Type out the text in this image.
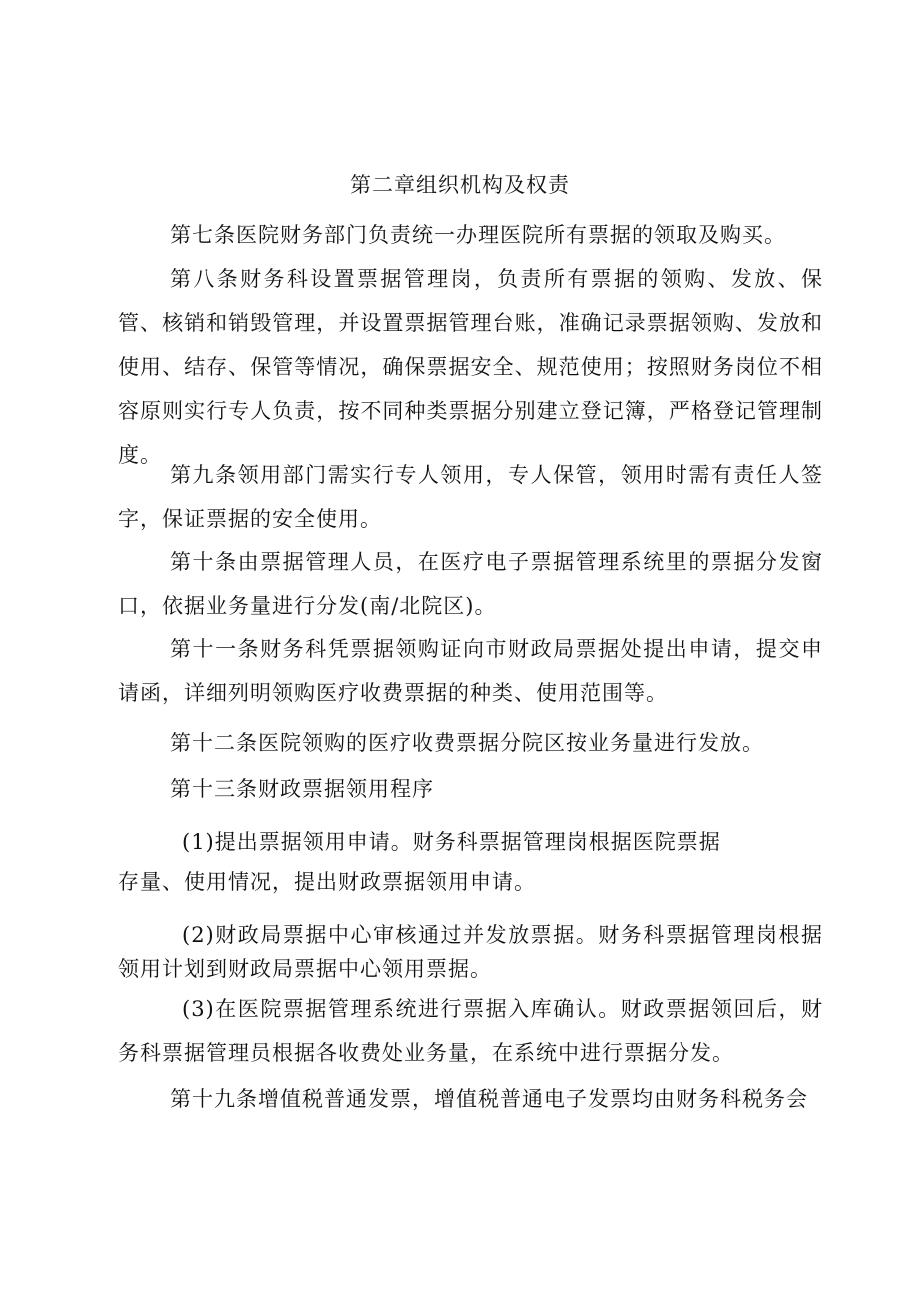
第二章组织机构及权责

第七条医院财务部门负责统一办理医院所有票据的领取及购买。

第八条财务科设置票据管理岗，负责所有票据的领购、发放、保管、核销和销毁管理，并设置票据管理台账，准确记录票据领购、发放和使用、结存、保管等情况，确保票据安全、规范使用；按照财务岗位不相容原则实行专人负责，按不同种类票据分别建立登记簿，严格登记管理制度。

第九条领用部门需实行专人领用，专人保管，领用时需有责任人签字，保证票据的安全使用。

第十条由票据管理人员，在医疗电子票据管理系统里的票据分发窗口，依据业务量进行分发(南/北院区)。

第十一条财务科凭票据领购证向市财政局票据处提出申请，提交申请函，详细列明领购医疗收费票据的种类、使用范围等。

第十二条医院领购的医疗收费票据分院区按业务量进行发放。

第十三条财政票据领用程序

(1)提出票据领用申请。财务科票据管理岗根据医院票据
存量、使用情况，提出财政票据领用申请。

(2)财政局票据中心审核通过并发放票据。财务科票据管理岗根据领用计划到财政局票据中心领用票据。

(3)在医院票据管理系统进行票据入库确认。财政票据领回后，财务科票据管理员根据各收费处业务量，在系统中进行票据分发。

第十九条增值税普通发票，增值税普通电子发票均由财务科税务会
